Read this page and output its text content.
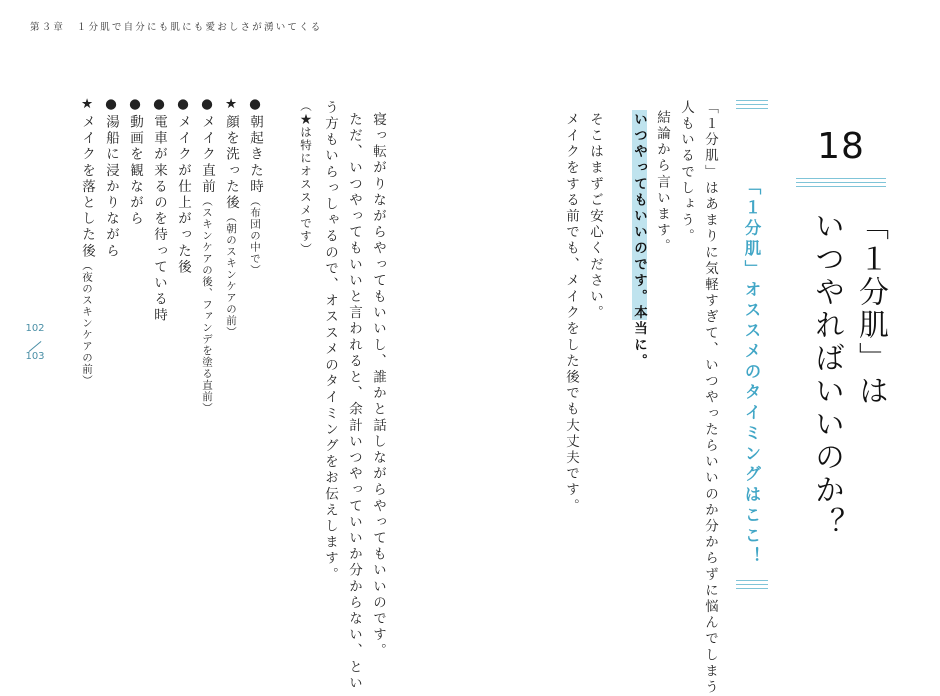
第３章　１分肌で自分にも肌にも愛おしさが湧いてくる
102
103
18
「１分肌」は
いつやればいいのか？
「１分肌」オススメのタイミングはここ！
「１分肌」はあまりに気軽すぎて、いつやったらいいのか分からずに悩んでしまう
人もいるでしょう。
結論から言います。
いつやってもいいのです。本当に。
そこはまずご安心ください。
メイクをする前でも、メイクをした後でも大丈夫です。
寝っ転がりながらやってもいいし、誰かと話しながらやってもいいのです。
ただ、いつやってもいいと言われると、余計いつやっていいか分からない、とい
う方もいらっしゃるので、オススメのタイミングをお伝えします。
（★は特にオススメです）
●朝起きた時（布団の中で）
★顔を洗った後（朝のスキンケアの前）
●メイク直前（スキンケアの後、ファンデを塗る直前）
●メイクが仕上がった後
●電車が来るのを待っている時
●動画を観ながら
●湯船に浸かりながら
★メイクを落とした後（夜のスキンケアの前）
